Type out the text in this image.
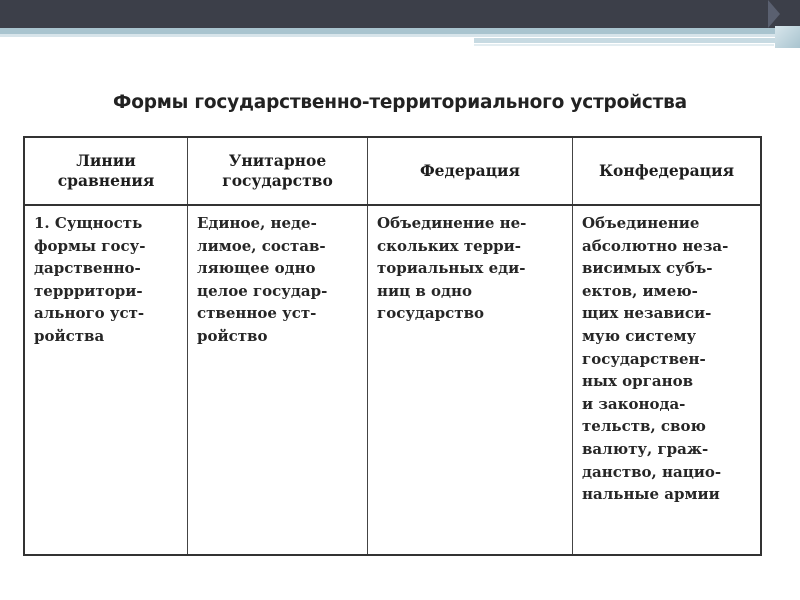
Формы государственно-территориального устройства
Линии
сравнения
Унитарное
государство
Федерация	Конфедерация
1. Сущность
формы госу-
дарственно-
террритори-
ального уст-
ройства
Единое, неде-
лимое, состав-
ляющее одно
целое государ-
ственное уст-
ройство
Объединение не-
скольких терри-
ториальных еди-
ниц в одно
государство
Объединение
абсолютно неза-
висимых субъ-
ектов, имею-
щих независи-
мую систему
государствен-
ных органов
и законода-
тельств, свою
валюту, граж-
данство, нацио-
нальные армии
